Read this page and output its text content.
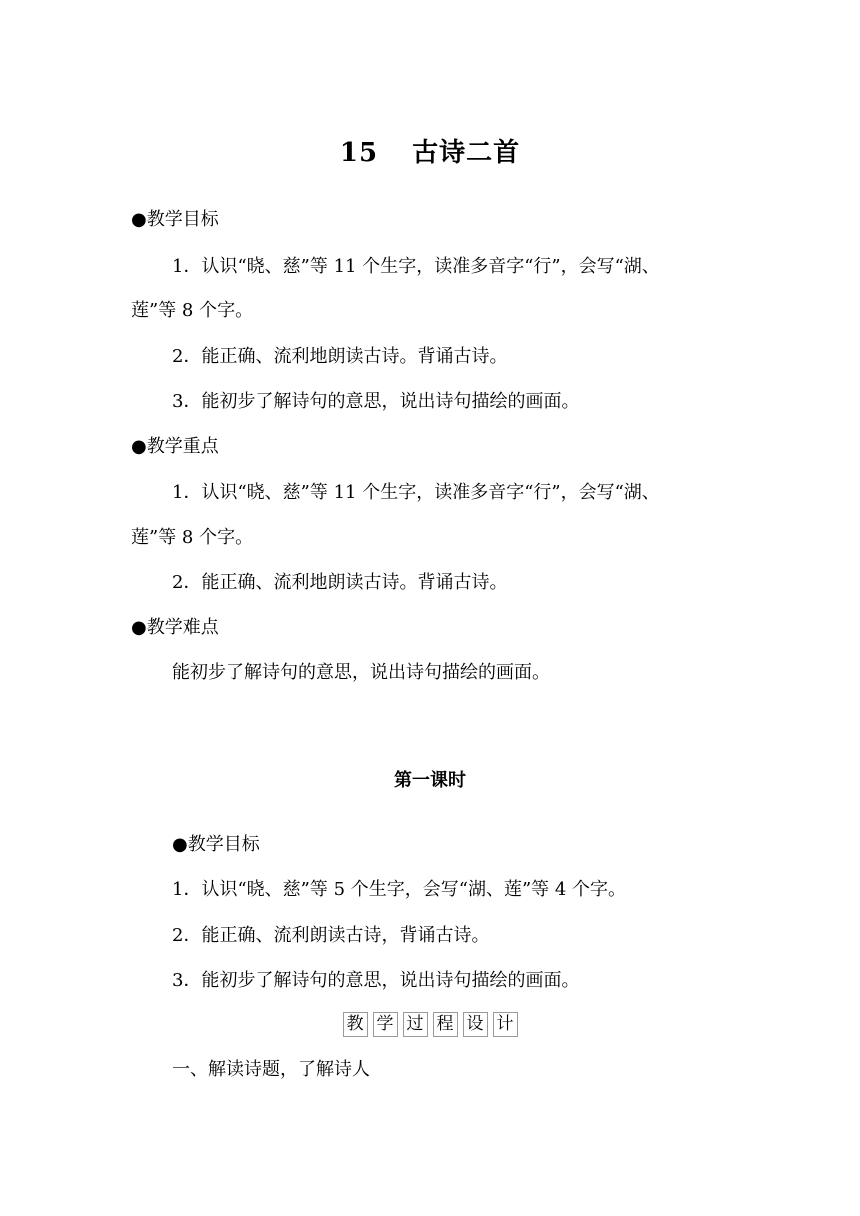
15 古诗二首
●教学目标
1．认识“晓、慈”等 11 个生字，读准多音字“行”，会写“湖、
莲”等 8 个字。
2．能正确、流利地朗读古诗。背诵古诗。
3．能初步了解诗句的意思，说出诗句描绘的画面。
●教学重点
1．认识“晓、慈”等 11 个生字，读准多音字“行”，会写“湖、
莲”等 8 个字。
2．能正确、流利地朗读古诗。背诵古诗。
●教学难点
能初步了解诗句的意思，说出诗句描绘的画面。
第一课时
●教学目标
1．认识“晓、慈”等 5 个生字，会写“湖、莲”等 4 个字。
2．能正确、流利朗读古诗，背诵古诗。
3．能初步了解诗句的意思，说出诗句描绘的画面。
教 学 过 程 设 计
一、解读诗题，了解诗人
